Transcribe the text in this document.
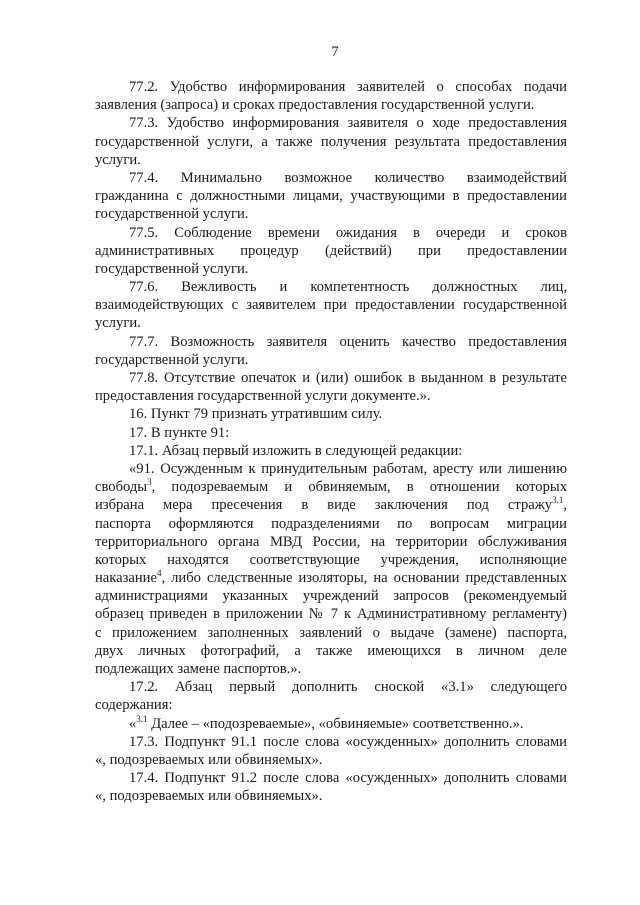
7
77.2. Удобство информирования заявителей о способах подачи
заявления (запроса) и сроках предоставления государственной услуги.
77.3. Удобство информирования заявителя о ходе предоставления
государственной услуги, а также получения результата предоставления
услуги.
77.4. Минимально возможное количество взаимодействий
гражданина с должностными лицами, участвующими в предоставлении
государственной услуги.
77.5. Соблюдение времени ожидания в очереди и сроков
административных процедур (действий) при предоставлении
государственной услуги.
77.6. Вежливость и компетентность должностных лиц,
взаимодействующих с заявителем при предоставлении государственной
услуги.
77.7. Возможность заявителя оценить качество предоставления
государственной услуги.
77.8. Отсутствие опечаток и (или) ошибок в выданном в результате
предоставления государственной услуги документе.».
16. Пункт 79 признать утратившим силу.
17. В пункте 91:
17.1. Абзац первый изложить в следующей редакции:
«91. Осужденным к принудительным работам, аресту или лишению
свободы$^3$, подозреваемым и обвиняемым, в отношении которых
избрана мера пресечения в виде заключения под стражу$^{3.1}$,
паспорта оформляются подразделениями по вопросам миграции
территориального органа МВД России, на территории обслуживания
которых находятся соответствующие учреждения, исполняющие
наказание$^4$, либо следственные изоляторы, на основании представленных
администрациями указанных учреждений запросов (рекомендуемый
образец приведен в приложении № 7 к Административному регламенту)
с приложением заполненных заявлений о выдаче (замене) паспорта,
двух личных фотографий, а также имеющихся в личном деле
подлежащих замене паспортов.».
17.2. Абзац первый дополнить сноской «3.1» следующего
содержания:
«$^{3.1}$ Далее – «подозреваемые», «обвиняемые» соответственно.».
17.3. Подпункт 91.1 после слова «осужденных» дополнить словами
«, подозреваемых или обвиняемых».
17.4. Подпункт 91.2 после слова «осужденных» дополнить словами
«, подозреваемых или обвиняемых».
